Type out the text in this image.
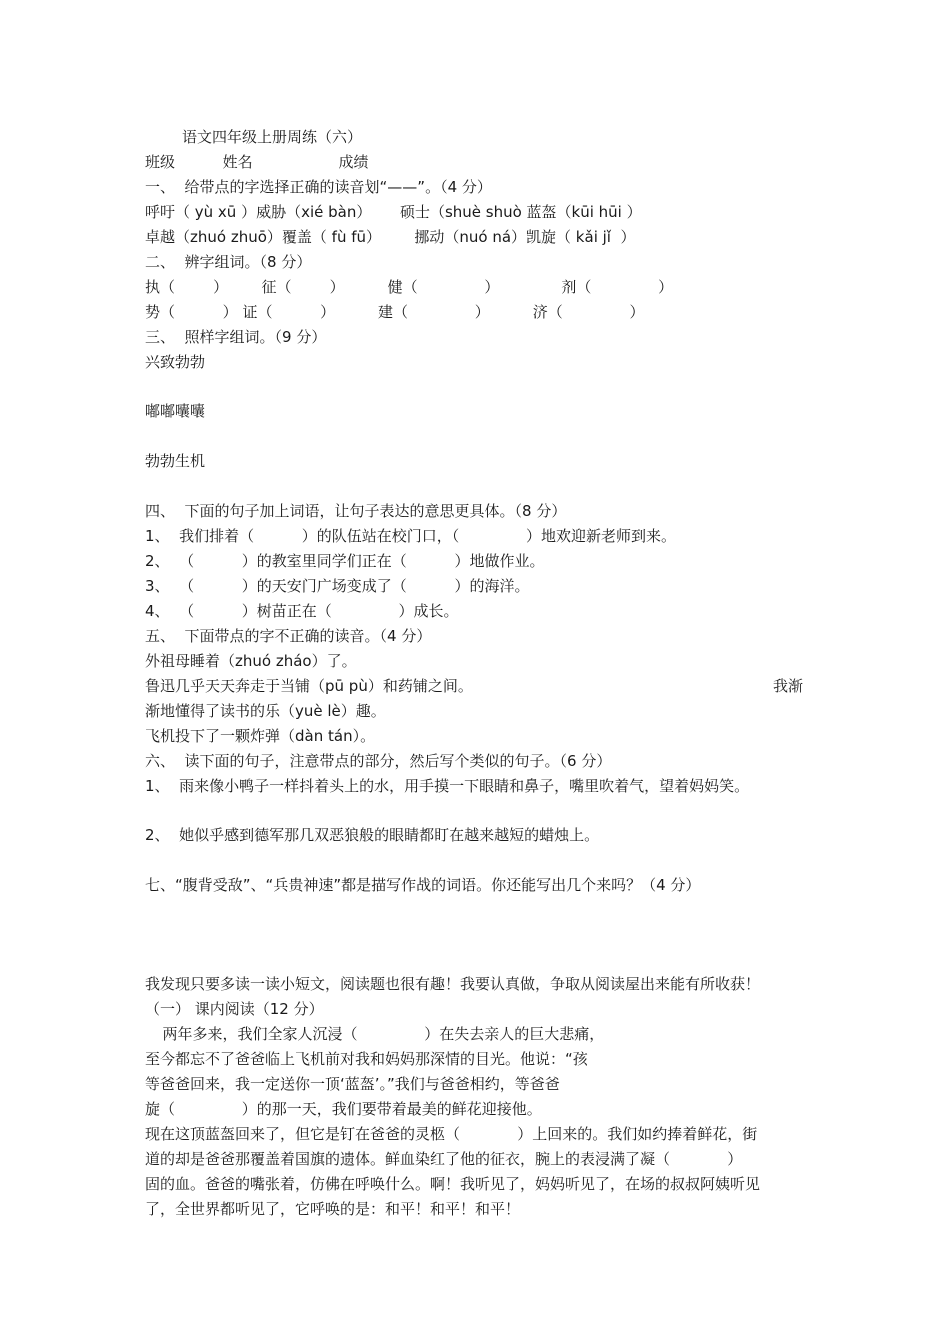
语文四年级上册周练（六）
班级          姓名                  成绩
一、  给带点的字选择正确的读音划“——”。（4 分）
呼吁（ yù xū ）威胁（xié bàn）      硕士（shuè shuò 蓝盔（kūi hūi ）
卓越（zhuó zhuō）覆盖（ fù fū）       挪动（nuó ná）凯旋（ kǎi jǐ  ）
二、  辨字组词。（8 分）
执（        ）       征（        ）         健（              ）             剂（              ）
势（          ） 证（          ）         建（              ）         济（              ）
三、  照样字组词。（9 分）
兴致勃勃
嘟嘟囔囔
勃勃生机
四、  下面的句子加上词语，让句子表达的意思更具体。（8 分）
1、  我们排着（          ）的队伍站在校门口，（              ）地欢迎新老师到来。
2、  （          ）的教室里同学们正在（          ）地做作业。
3、  （          ）的天安门广场变成了（          ）的海洋。
4、  （          ）树苗正在（              ）成长。
五、  下面带点的字不正确的读音。（4 分）
外祖母睡着（zhuó zháo）了。
鲁迅几乎天天奔走于当铺（pū pù）和药铺之间。	我渐
渐地懂得了读书的乐（yuè lè）趣。
飞机投下了一颗炸弹（dàn tán）。
六、  读下面的句子，注意带点的部分，然后写个类似的句子。（6 分）
1、  雨来像小鸭子一样抖着头上的水，用手摸一下眼睛和鼻子，嘴里吹着气，望着妈妈笑。
2、  她似乎感到德军那几双恶狼般的眼睛都盯在越来越短的蜡烛上。
七、“腹背受敌”、“兵贵神速”都是描写作战的词语。你还能写出几个来吗？（4 分）
我发现只要多读一读小短文，阅读题也很有趣！我要认真做，争取从阅读屋出来能有所收获！
（一） 课内阅读（12 分）
两年多来，我们全家人沉浸（              ）在失去亲人的巨大悲痛，
至今都忘不了爸爸临上飞机前对我和妈妈那深情的目光。他说：“孩
等爸爸回来，我一定送你一顶‘蓝盔’。”我们与爸爸相约，等爸爸
旋（              ）的那一天，我们要带着最美的鲜花迎接他。
现在这顶蓝盔回来了，但它是钉在爸爸的灵柩（            ）上回来的。我们如约捧着鲜花，街
道的却是爸爸那覆盖着国旗的遗体。鲜血染红了他的征衣，腕上的表浸满了凝（            ）
固的血。爸爸的嘴张着，仿佛在呼唤什么。啊！我听见了，妈妈听见了，在场的叔叔阿姨听见
了，全世界都听见了，它呼唤的是：和平！和平！和平！
